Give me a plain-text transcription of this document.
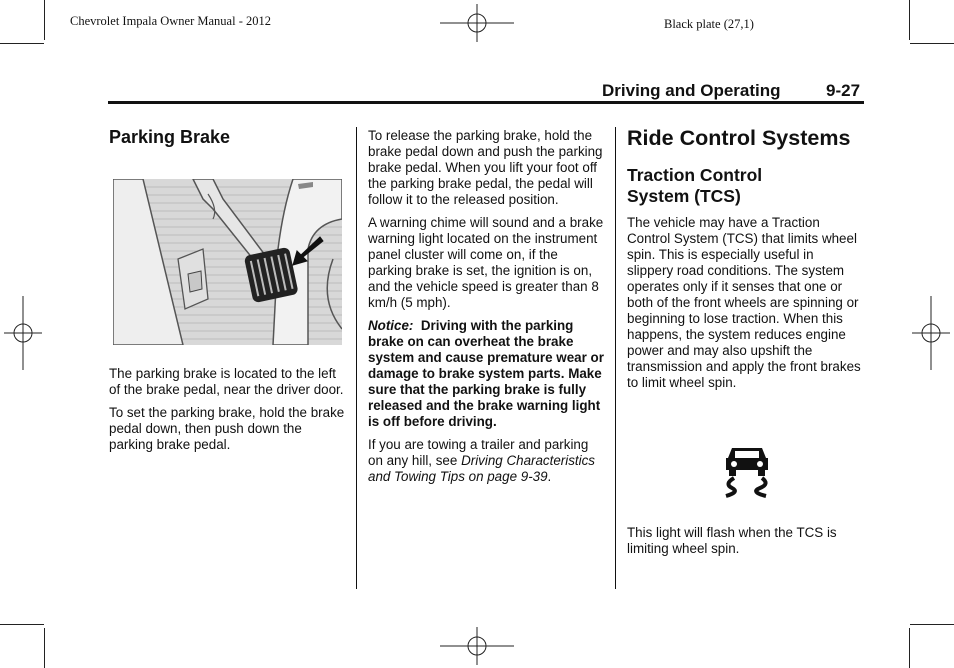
Chevrolet Impala Owner Manual - 2012	Black plate (27,1)
Driving and Operating	9-27
Parking Brake

The parking brake is located to the left of the brake pedal, near the driver door.

To set the parking brake, hold the brake pedal down, then push down the parking brake pedal.

To release the parking brake, hold the brake pedal down and push the parking brake pedal. When you lift your foot off the parking brake pedal, the pedal will follow it to the released position.

A warning chime will sound and a brake warning light located on the instrument panel cluster will come on, if the parking brake is set, the ignition is on, and the vehicle speed is greater than 8 km/h (5 mph).

Notice: Driving with the parking brake on can overheat the brake system and cause premature wear or damage to brake system parts. Make sure that the parking brake is fully released and the brake warning light is off before driving.

If you are towing a trailer and parking on any hill, see Driving Characteristics and Towing Tips on page 9-39.

Ride Control Systems
Traction Control System (TCS)

The vehicle may have a Traction Control System (TCS) that limits wheel spin. This is especially useful in slippery road conditions. The system operates only if it senses that one or both of the front wheels are spinning or beginning to lose traction. When this happens, the system reduces engine power and may also upshift the transmission and apply the front brakes to limit wheel spin.

This light will flash when the TCS is limiting wheel spin.
